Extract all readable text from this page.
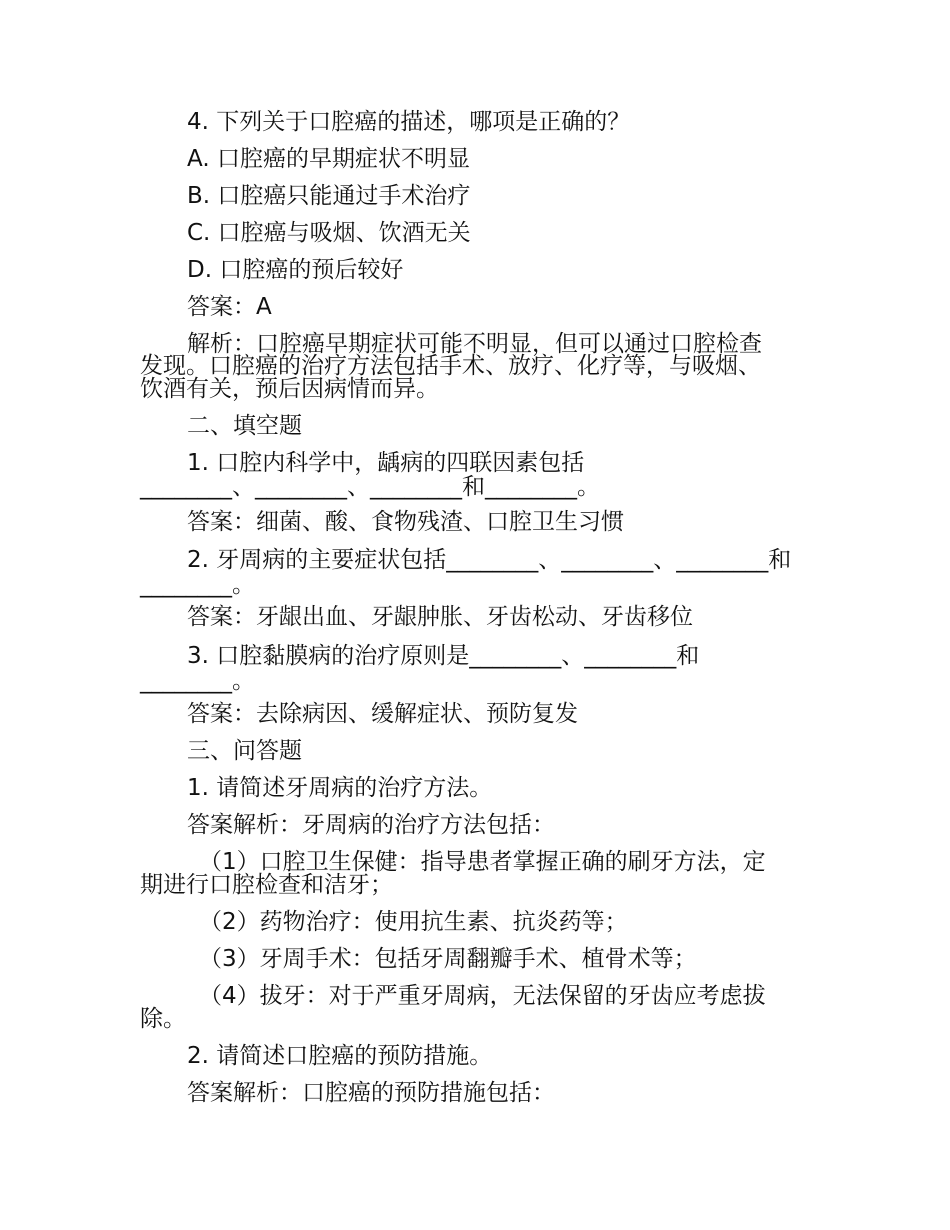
4. 下列关于口腔癌的描述，哪项是正确的？
A. 口腔癌的早期症状不明显
B. 口腔癌只能通过手术治疗
C. 口腔癌与吸烟、饮酒无关
D. 口腔癌的预后较好
答案：A
解析：口腔癌早期症状可能不明显，但可以通过口腔检查
发现。口腔癌的治疗方法包括手术、放疗、化疗等，与吸烟、
饮酒有关，预后因病情而异。
二、填空题
1. 口腔内科学中，龋病的四联因素包括
________、________、________和________。
答案：细菌、酸、食物残渣、口腔卫生习惯
2. 牙周病的主要症状包括________、________、________和
________。
答案：牙龈出血、牙龈肿胀、牙齿松动、牙齿移位
3. 口腔黏膜病的治疗原则是________、________和
________。
答案：去除病因、缓解症状、预防复发
三、问答题
1. 请简述牙周病的治疗方法。
答案解析：牙周病的治疗方法包括：
（1）口腔卫生保健：指导患者掌握正确的刷牙方法，定
期进行口腔检查和洁牙；
（2）药物治疗：使用抗生素、抗炎药等；
（3）牙周手术：包括牙周翻瓣手术、植骨术等；
（4）拔牙：对于严重牙周病，无法保留的牙齿应考虑拔
除。
2. 请简述口腔癌的预防措施。
答案解析：口腔癌的预防措施包括：
